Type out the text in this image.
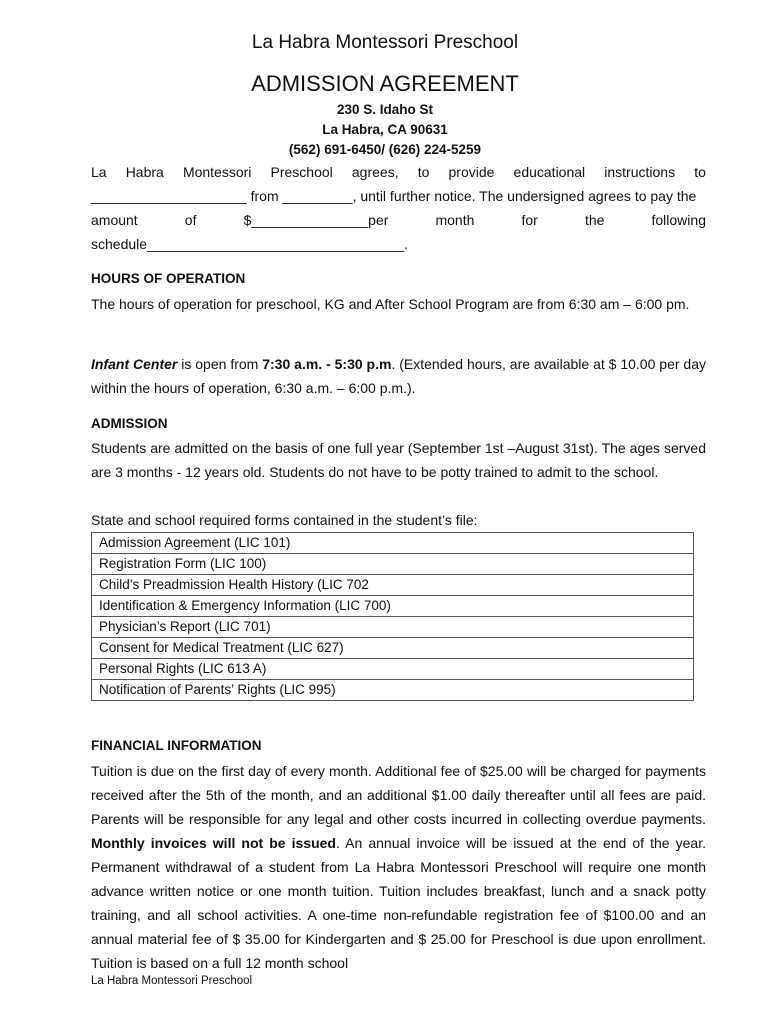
La Habra Montessori Preschool
ADMISSION AGREEMENT
230 S. Idaho St
La Habra, CA 90631
(562) 691-6450/ (626) 224-5259
La Habra Montessori Preschool agrees, to provide educational instructions to
____________________ from _________, until further notice. The undersigned agrees to pay the
amount	of	$_______________per	month	for	the	following
schedule_________________________________.
HOURS OF OPERATION

The hours of operation for preschool, KG and After School Program are from 6:30 am – 6:00 pm.

Infant Center is open from 7:30 a.m. - 5:30 p.m. (Extended hours, are available at $ 10.00 per day within the hours of operation, 6:30 a.m. – 6:00 p.m.).

ADMISSION

Students are admitted on the basis of one full year (September 1st –August 31st). The ages served are 3 months - 12 years old. Students do not have to be potty trained to admit to the school.

State and school required forms contained in the student’s file:
Admission Agreement (LIC 101)
Registration Form (LIC 100)
Child’s Preadmission Health History (LIC 702
Identification & Emergency Information (LIC 700)
Physician’s Report (LIC 701)
Consent for Medical Treatment (LIC 627)
Personal Rights (LIC 613 A)
Notification of Parents’ Rights (LIC 995)
FINANCIAL INFORMATION

Tuition is due on the first day of every month. Additional fee of $25.00 will be charged for payments received after the 5th of the month, and an additional $1.00 daily thereafter until all fees are paid. Parents will be responsible for any legal and other costs incurred in collecting overdue payments. Monthly invoices will not be issued. An annual invoice will be issued at the end of the year. Permanent withdrawal of a student from La Habra Montessori Preschool will require one month advance written notice or one month tuition. Tuition includes breakfast, lunch and a snack potty training, and all school activities. A one-time non-refundable registration fee of $100.00 and an annual material fee of $ 35.00 for Kindergarten and $ 25.00 for Preschool is due upon enrollment. Tuition is based on a full 12 month school

La Habra Montessori Preschool
